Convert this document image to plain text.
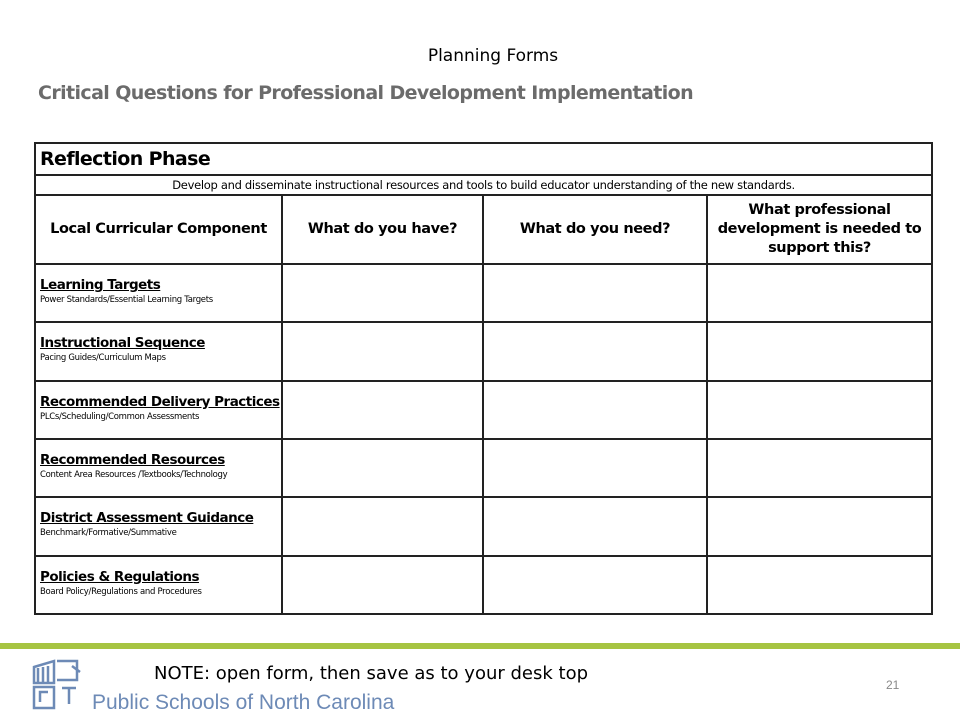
Planning Forms
Critical Questions for Professional Development Implementation
Reflection Phase			
Develop and disseminate instructional resources and tools to build educator understanding of the new standards.			
Local Curricular Component	What do you have?	What do you need?	What professional development is needed to support this?

Learning Targets
Power Standards/Essential Learning Targets			

Instructional Sequence
Pacing Guides/Curriculum Maps			

Recommended Delivery Practices
PLCs/Scheduling/Common Assessments			

Recommended Resources
Content Area Resources /Textbooks/Technology			

District Assessment Guidance
Benchmark/Formative/Summative			

Policies & Regulations
Board Policy/Regulations and Procedures			

NOTE: open form, then save as to your desk top
Public Schools of North Carolina
21
